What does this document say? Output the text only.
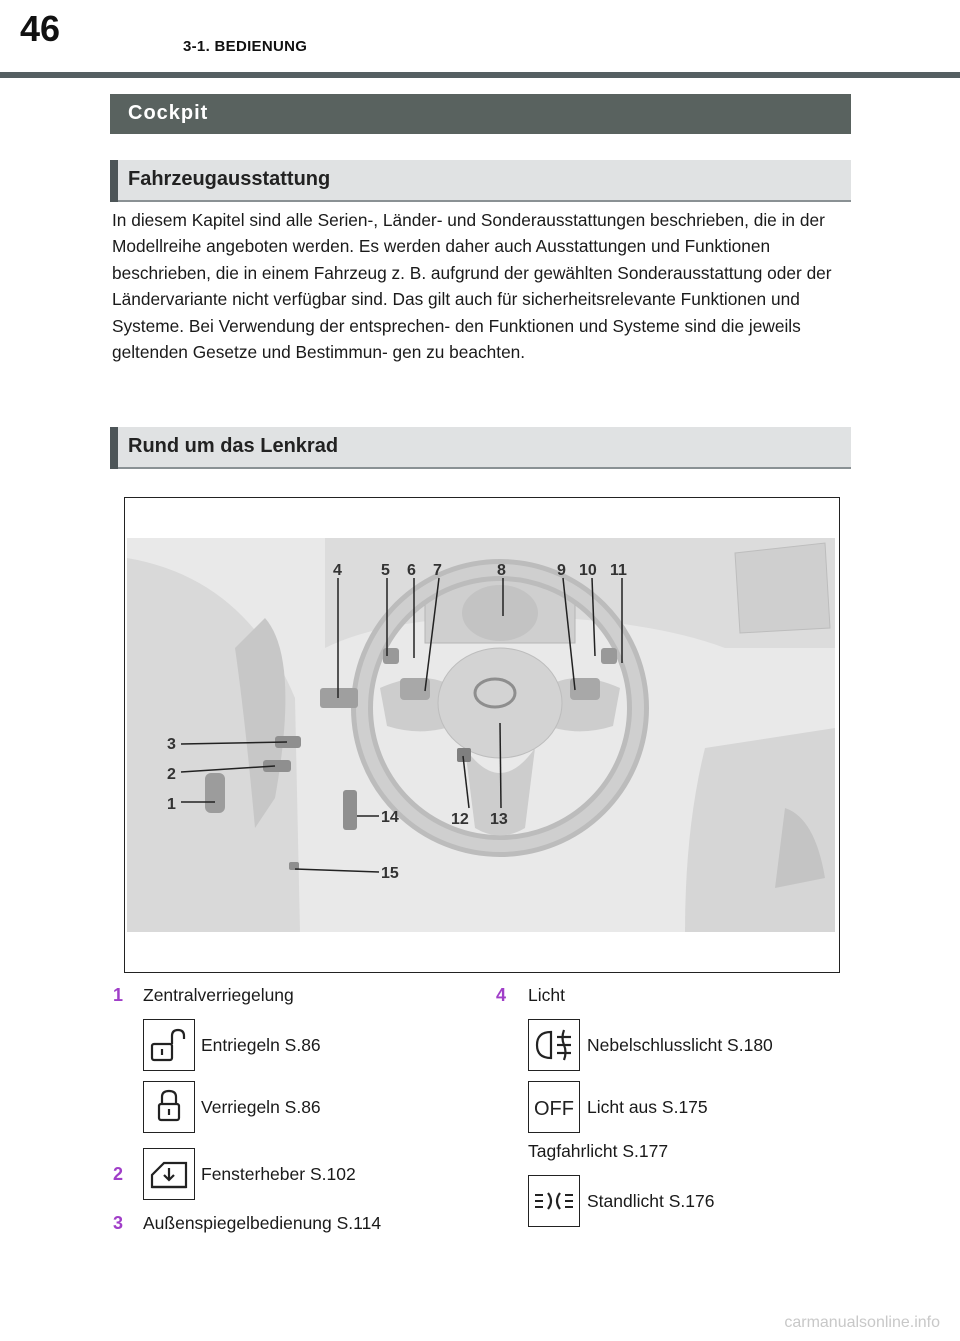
46	3-1. BEDIENUNG
Cockpit
Fahrzeugausstattung
In diesem Kapitel sind alle Serien-, Länder- und Sonderausstattungen beschrieben, die in der Modellreihe angeboten werden. Es werden daher auch Ausstattungen und Funktionen beschrieben, die in einem Fahrzeug z. B. aufgrund der gewählten Sonderausstattung oder der Ländervariante nicht verfügbar sind. Das gilt auch für sicherheitsrelevante Funktionen und Systeme. Bei Verwendung der entsprechen- den Funktionen und Systeme sind die jeweils geltenden Gesetze und Bestimmun- gen zu beachten.
Rund um das Lenkrad
1
2
3
4 5 6 7	8	9 10 11
12 13
14
15
1 Zentralverriegelung
Entriegeln S.86
Verriegeln S.86
2	Fensterheber S.102
3 Außenspiegelbedienung S.114
4 Licht
Nebelschlusslicht S.180
OFF Licht aus S.175
Tagfahrlicht S.177
Standlicht S.176
carmanualsonline.info
